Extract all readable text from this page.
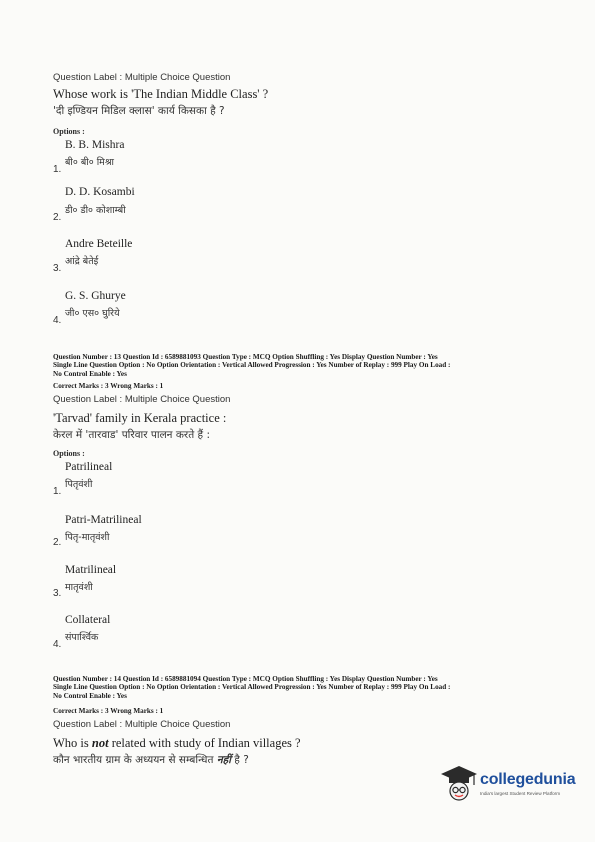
Question Label : Multiple Choice Question
Whose work is 'The Indian Middle Class' ?
'दी इण्डियन मिडिल क्लास' कार्य किसका है ?
Options :
B. B. Mishra
बी० बी० मिश्रा
1.
D. D. Kosambi
डी० डी० कोशाम्बी
2.
Andre Beteille
आंद्रे बेतेई
3.
G. S. Ghurye
जी० एस० घुरिये
4.
Question Number : 13 Question Id : 6589881093 Question Type : MCQ Option Shuffling : Yes Display Question Number : Yes
Single Line Question Option : No Option Orientation : Vertical Allowed Progression : Yes Number of Replay : 999 Play On Load :
No Control Enable : Yes
Correct Marks : 3 Wrong Marks : 1
Question Label : Multiple Choice Question
'Tarvad' family in Kerala practice :
केरल में 'तारवाड' परिवार पालन करते हैं :
Options :
Patrilineal
पितृवंशी
1.
Patri-Matrilineal
पितृ-मातृवंशी
2.
Matrilineal
मातृवंशी
3.
Collateral
संपार्श्विक
4.
Question Number : 14 Question Id : 6589881094 Question Type : MCQ Option Shuffling : Yes Display Question Number : Yes
Single Line Question Option : No Option Orientation : Vertical Allowed Progression : Yes Number of Replay : 999 Play On Load :
No Control Enable : Yes
Correct Marks : 3 Wrong Marks : 1
Question Label : Multiple Choice Question
Who is not related with study of Indian villages ?
कौन भारतीय ग्राम के अध्ययन से सम्बन्धित नहीं है ?
collegedunia
India's largest Student Review Platform
